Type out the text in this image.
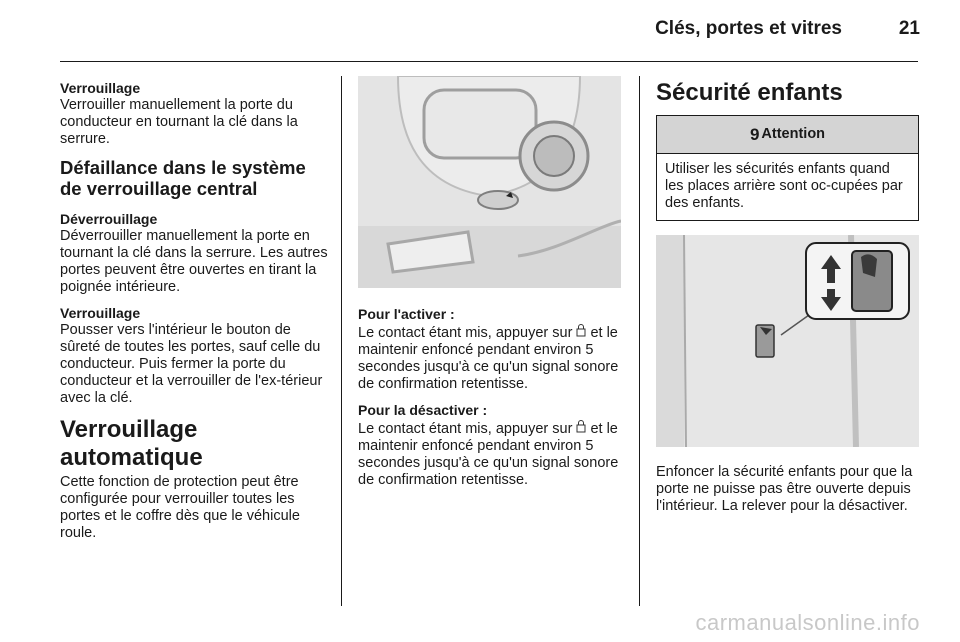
Clés, portes et vitres	21
Verrouillage
Verrouiller manuellement la porte du conducteur en tournant la clé dans la serrure.
Défaillance dans le système de verrouillage central
Déverrouillage
Déverrouiller manuellement la porte en tournant la clé dans la serrure. Les autres portes peuvent être ouvertes en tirant la poignée intérieure.
Verrouillage
Pousser vers l'intérieur le bouton de sûreté de toutes les portes, sauf celle du conducteur. Puis fermer la porte du conducteur et la verrouiller de l'ex-térieur avec la clé.
Verrouillage automatique
Cette fonction de protection peut être configurée pour verrouiller toutes les portes et le coffre dès que le véhicule roule.
Pour l'activer :
Le contact étant mis, appuyer sur  et le maintenir enfoncé pendant environ 5 secondes jusqu'à ce qu'un signal sonore de confirmation retentisse.
Pour la désactiver :
Le contact étant mis, appuyer sur  et le maintenir enfoncé pendant environ 5 secondes jusqu'à ce qu'un signal sonore de confirmation retentisse.
Sécurité enfants
9 Attention
Utiliser les sécurités enfants quand les places arrière sont oc-cupées par des enfants.
Enfoncer la sécurité enfants pour que la porte ne puisse pas être ouverte depuis l'intérieur. La relever pour la désactiver.
carmanualsonline.info
